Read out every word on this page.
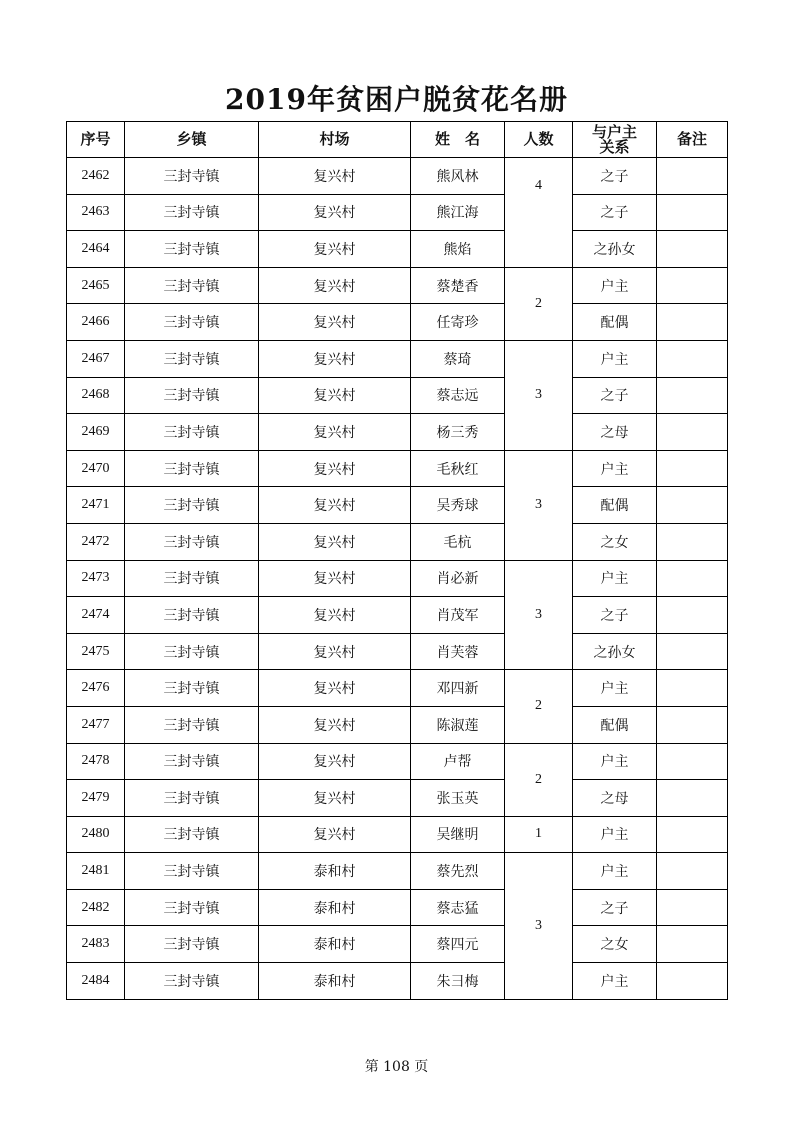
2019年贫困户脱贫花名册
序号	乡镇	村场	姓　名	人数	与户主关系	备注
2462	三封寺镇	复兴村	熊风林	4	之子	
2463	三封寺镇	复兴村	熊江海		之子	
2464	三封寺镇	复兴村	熊焰		之孙女	
2465	三封寺镇	复兴村	蔡楚香	2	户主	
2466	三封寺镇	复兴村	任寄珍		配偶	
2467	三封寺镇	复兴村	蔡琦	3	户主	
2468	三封寺镇	复兴村	蔡志远		之子	
2469	三封寺镇	复兴村	杨三秀		之母	
2470	三封寺镇	复兴村	毛秋红	3	户主	
2471	三封寺镇	复兴村	吴秀球		配偶	
2472	三封寺镇	复兴村	毛杭		之女	
2473	三封寺镇	复兴村	肖必新	3	户主	
2474	三封寺镇	复兴村	肖茂军		之子	
2475	三封寺镇	复兴村	肖芙蓉		之孙女	
2476	三封寺镇	复兴村	邓四新	2	户主	
2477	三封寺镇	复兴村	陈淑莲		配偶	
2478	三封寺镇	复兴村	卢帮	2	户主	
2479	三封寺镇	复兴村	张玉英		之母	
2480	三封寺镇	复兴村	吴继明	1	户主	
2481	三封寺镇	泰和村	蔡先烈	3	户主	
2482	三封寺镇	泰和村	蔡志猛		之子	
2483	三封寺镇	泰和村	蔡四元		之女	
2484	三封寺镇	泰和村	朱彐梅		户主	
第 108 页
